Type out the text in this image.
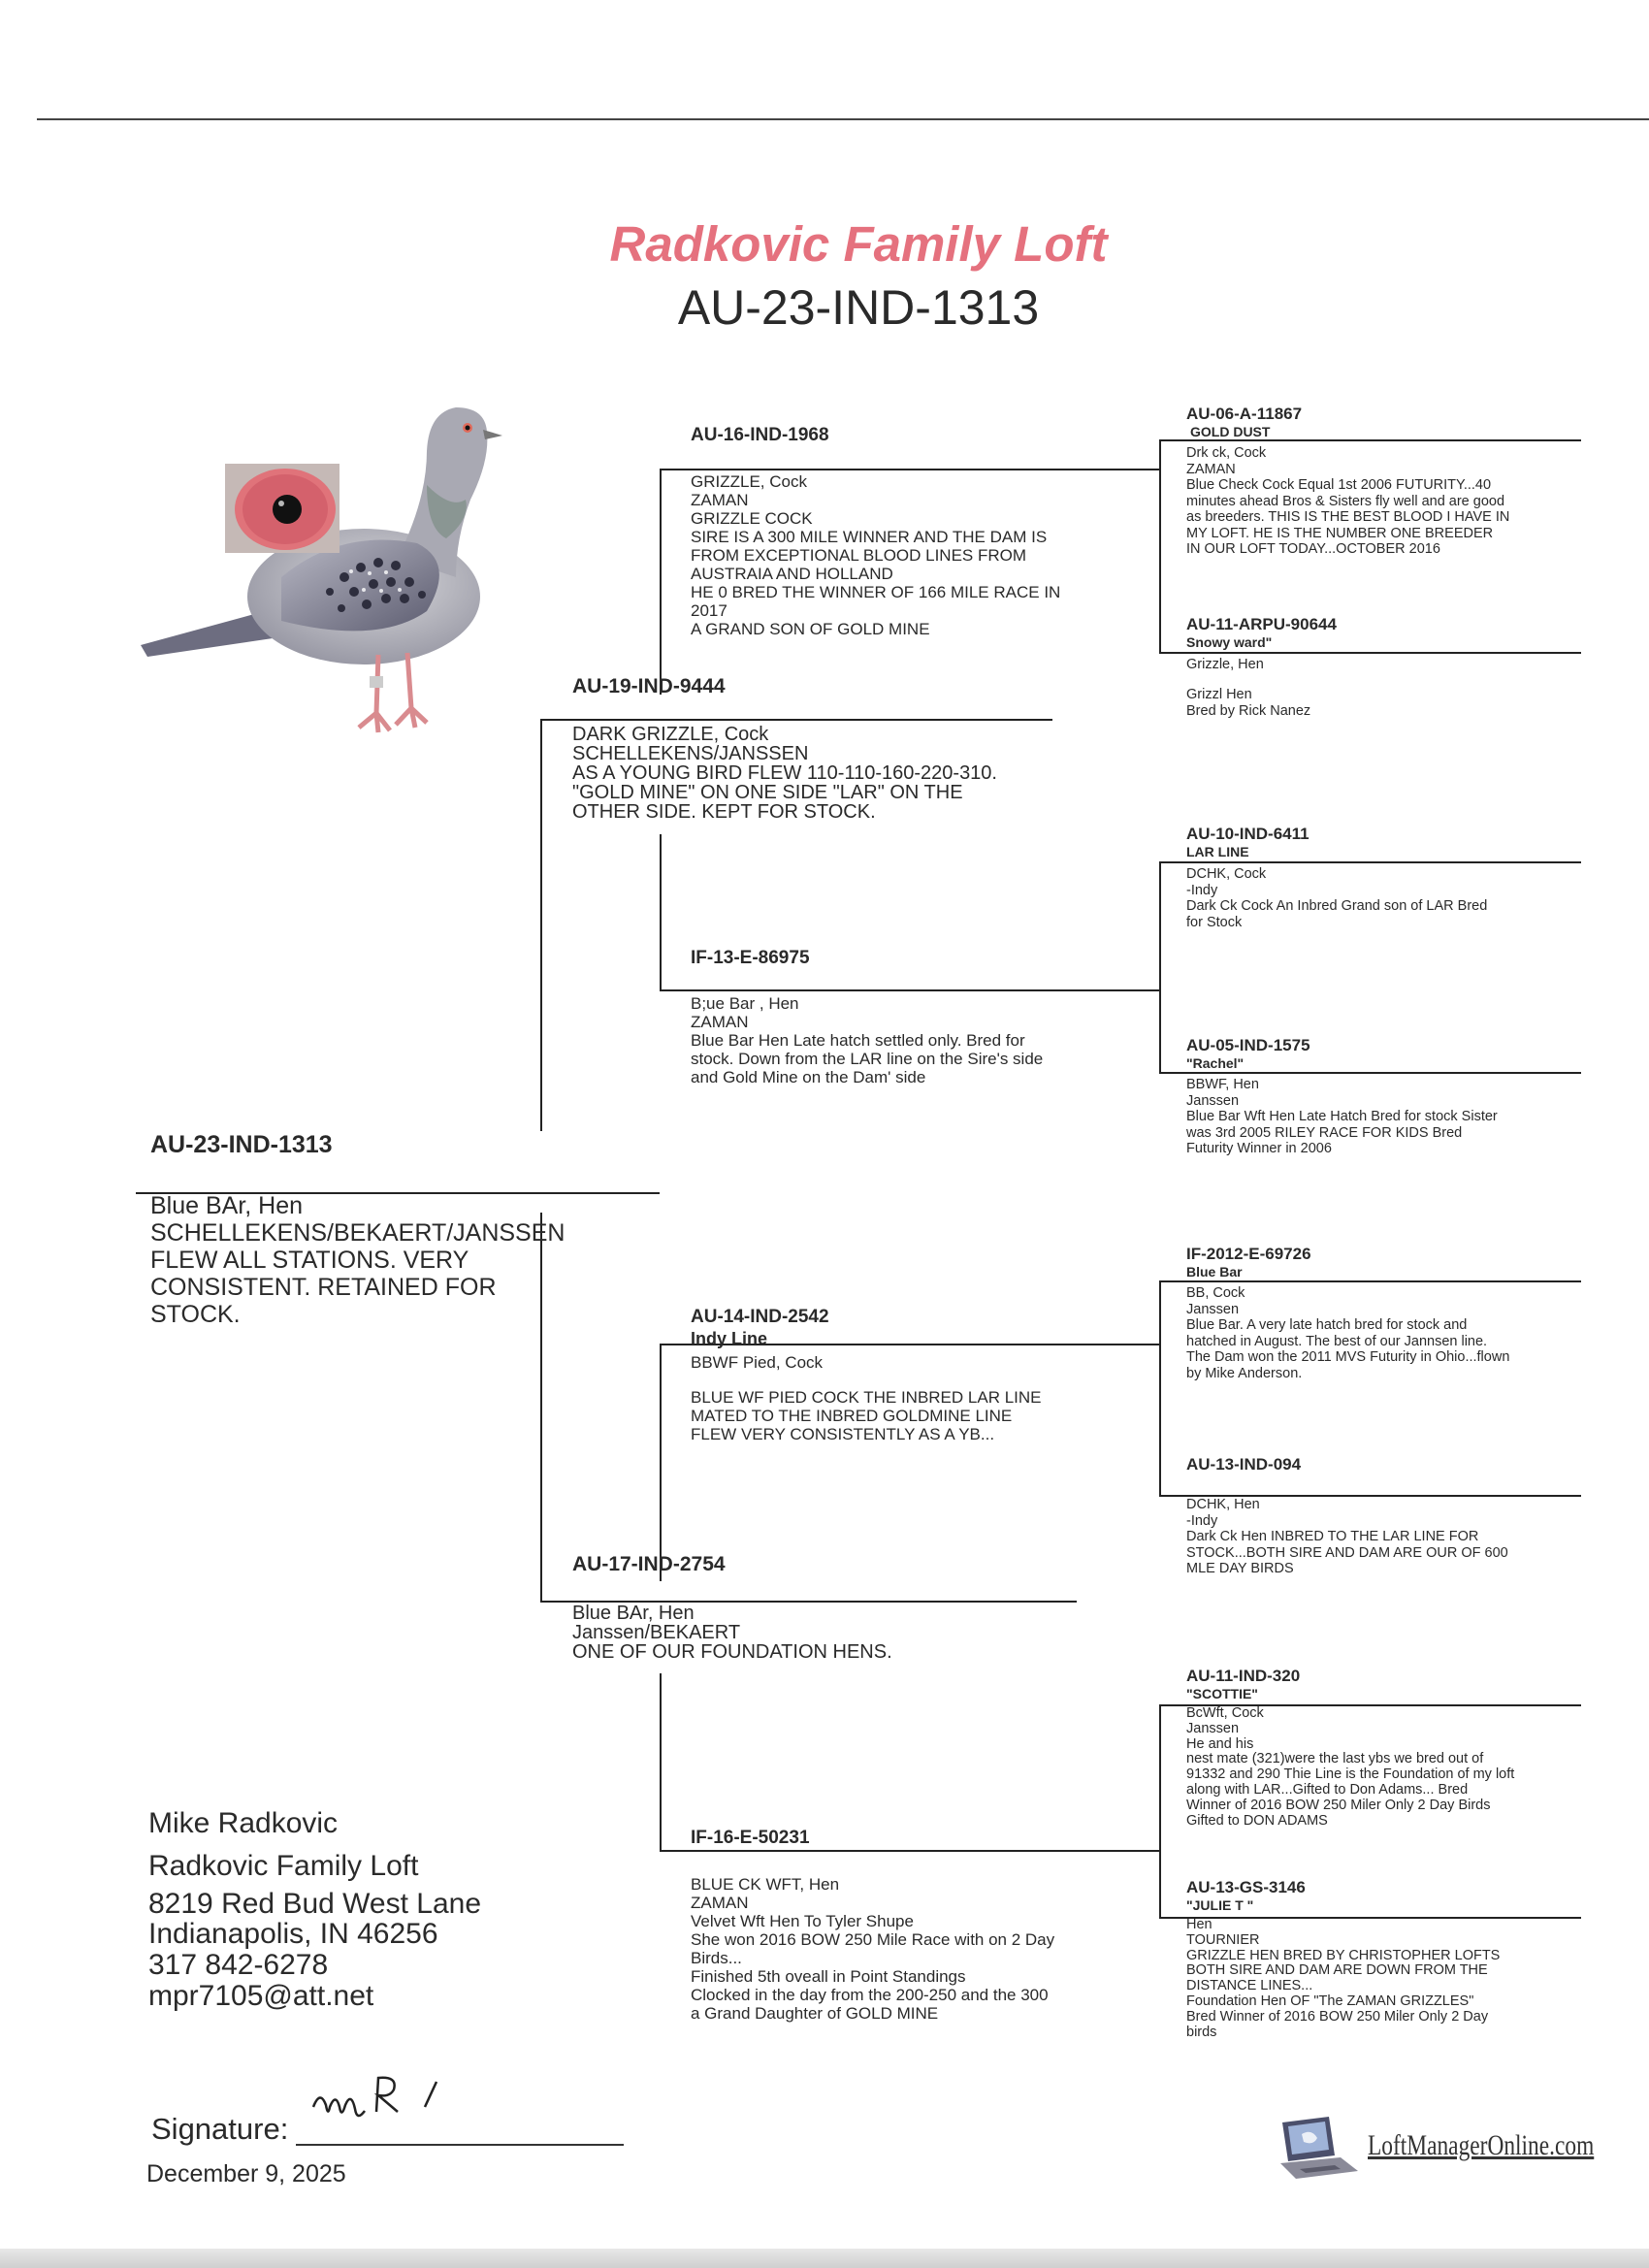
Radkovic Family Loft
AU-23-IND-1313
AU-23-IND-1313
Blue BAr, Hen
SCHELLEKENS/BEKAERT/JANSSEN
FLEW ALL STATIONS. VERY
CONSISTENT. RETAINED FOR
STOCK.
AU-19-IND-9444
DARK GRIZZLE, Cock
SCHELLEKENS/JANSSEN
AS A YOUNG BIRD FLEW 110-110-160-220-310.
"GOLD MINE" ON ONE SIDE "LAR" ON THE
OTHER SIDE. KEPT FOR STOCK.
AU-17-IND-2754
Blue BAr, Hen
Janssen/BEKAERT
ONE OF OUR FOUNDATION HENS.
AU-16-IND-1968
GRIZZLE, Cock
ZAMAN
GRIZZLE COCK
SIRE IS A 300 MILE WINNER AND THE DAM IS
FROM EXCEPTIONAL BLOOD LINES FROM
AUSTRAIA AND HOLLAND
HE 0 BRED THE WINNER OF 166 MILE RACE IN
2017
A GRAND SON OF GOLD MINE
IF-13-E-86975
B;ue Bar , Hen
ZAMAN
Blue Bar Hen Late hatch settled only. Bred for
stock. Down from the LAR line on the Sire's side
and Gold Mine on the Dam' side
AU-14-IND-2542
Indy Line
BBWF Pied, Cock
BLUE WF PIED COCK THE INBRED LAR LINE
MATED TO THE INBRED GOLDMINE LINE
FLEW VERY CONSISTENTLY AS A YB...
IF-16-E-50231
BLUE CK WFT, Hen
ZAMAN
Velvet Wft Hen To Tyler Shupe
She won 2016 BOW 250 Mile Race with on 2 Day
Birds...
Finished 5th oveall in Point Standings
Clocked in the day from the 200-250 and the 300
a Grand Daughter of GOLD MINE
AU-06-A-11867
GOLD DUST
Drk ck, Cock
ZAMAN
Blue Check Cock Equal 1st 2006 FUTURITY...40
minutes ahead Bros & Sisters fly well and are good
as breeders. THIS IS THE BEST BLOOD I HAVE IN
MY LOFT. HE IS THE NUMBER ONE BREEDER
IN OUR LOFT TODAY...OCTOBER 2016
AU-11-ARPU-90644
Snowy ward"
Grizzle, Hen
Grizzl Hen
Bred by Rick Nanez
AU-10-IND-6411
LAR LINE
DCHK, Cock
-Indy
Dark Ck Cock An Inbred Grand son of LAR Bred
for Stock
AU-05-IND-1575
"Rachel"
BBWF, Hen
Janssen
Blue Bar Wft Hen Late Hatch Bred for stock Sister
was 3rd 2005 RILEY RACE FOR KIDS Bred
Futurity Winner in 2006
IF-2012-E-69726
Blue Bar
BB, Cock
Janssen
Blue Bar. A very late hatch bred for stock and
hatched in August. The best of our Jannsen line.
The Dam won the 2011 MVS Futurity in Ohio...flown
by Mike Anderson.
AU-13-IND-094
DCHK, Hen
-Indy
Dark Ck Hen INBRED TO THE LAR LINE FOR
STOCK...BOTH SIRE AND DAM ARE OUR OF 600
MLE DAY BIRDS
AU-11-IND-320
"SCOTTIE"
BcWft, Cock
Janssen
He and his
nest mate (321)were the last ybs we bred out of
91332 and 290 Thie Line is the Foundation of my loft
along with LAR...Gifted to Don Adams... Bred
Winner of 2016 BOW 250 Miler Only 2 Day Birds
Gifted to DON ADAMS
AU-13-GS-3146
"JULIE T "
Hen
TOURNIER
GRIZZLE HEN BRED BY CHRISTOPHER LOFTS
BOTH SIRE AND DAM ARE DOWN FROM THE
DISTANCE LINES...
Foundation Hen OF "The ZAMAN GRIZZLES"
Bred Winner of 2016 BOW 250 Miler Only 2 Day
birds
Mike Radkovic
Radkovic Family Loft
8219 Red Bud West Lane
Indianapolis, IN 46256
317 842-6278
mpr7105@att.net
Signature:
December 9, 2025
LoftManagerOnline.com
